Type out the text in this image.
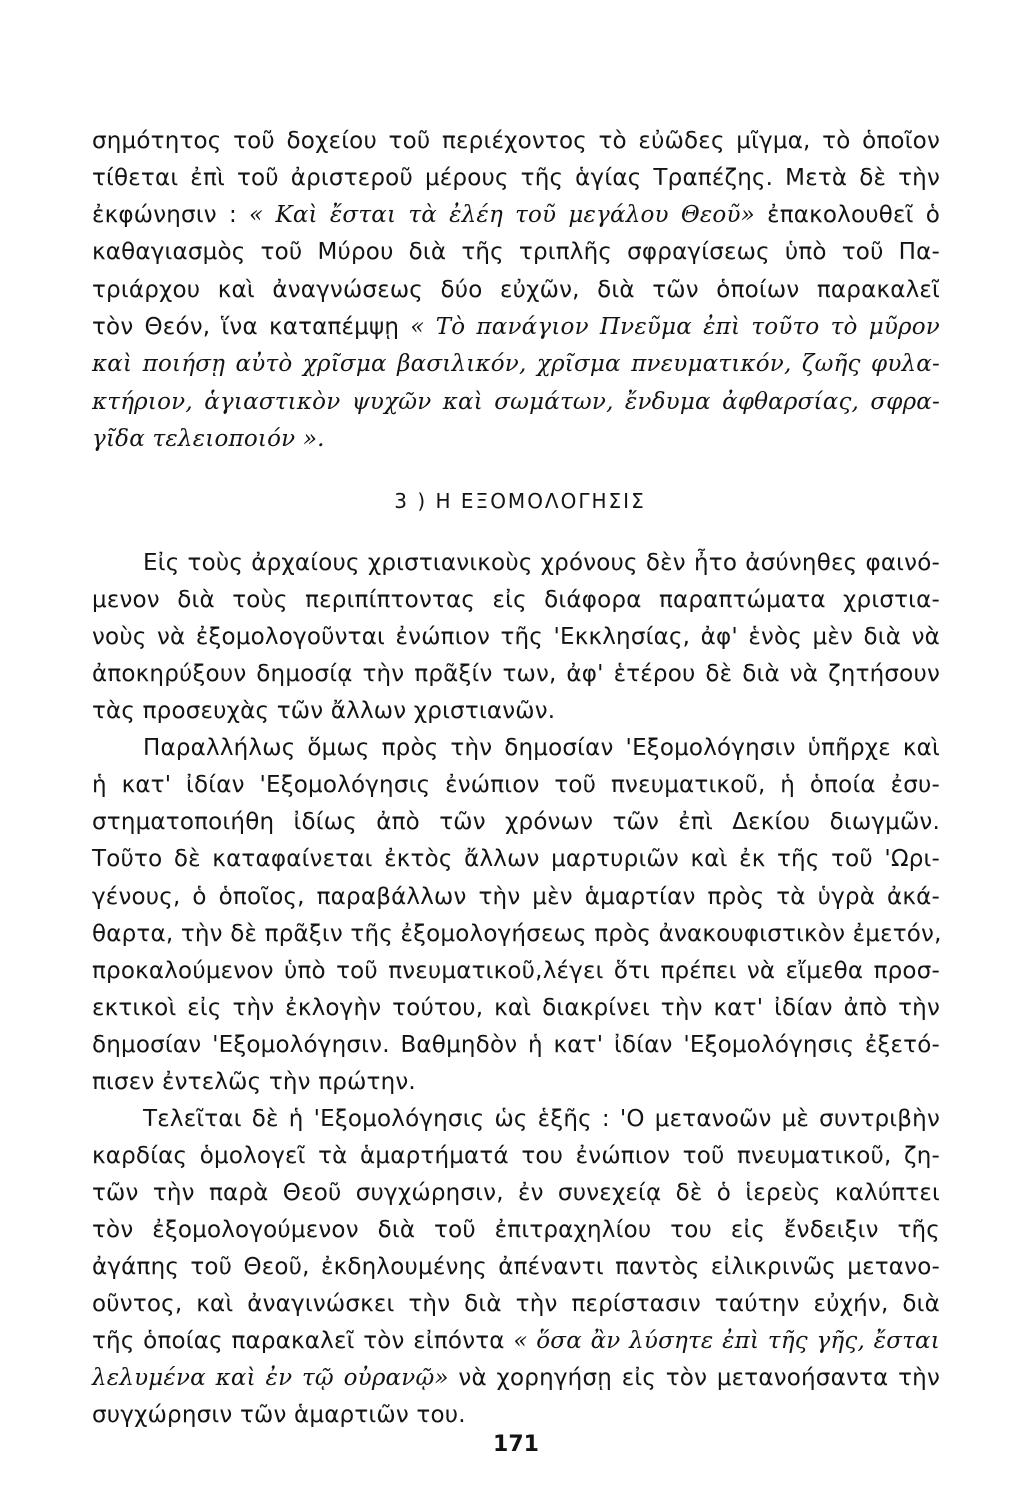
σημότητος τοῦ δοχείου τοῦ περιέχοντος τὸ εὐῶδες μῖγμα, τὸ ὁποῖον
τίθεται ἐπὶ τοῦ ἀριστεροῦ μέρους τῆς ἁγίας Τραπέζης. Μετὰ δὲ τὴν
ἐκφώνησιν : « Καὶ ἔσται τὰ ἐλέη τοῦ μεγάλου Θεοῦ» ἐπακολουθεῖ ὁ
καθαγιασμὸς τοῦ Μύρου διὰ τῆς τριπλῆς σφραγίσεως ὑπὸ τοῦ Πα-
τριάρχου καὶ ἀναγνώσεως δύο εὐχῶν, διὰ τῶν ὁποίων παρακαλεῖ
τὸν Θεόν, ἵνα καταπέμψῃ « Τὸ πανάγιον Πνεῦμα ἐπὶ τοῦτο τὸ μῦρον
καὶ ποιήσῃ αὐτὸ χρῖσμα βασιλικόν, χρῖσμα πνευματικόν, ζωῆς φυλα-
κτήριον, ἁγιαστικὸν ψυχῶν καὶ σωμάτων, ἔνδυμα ἀφθαρσίας, σφρα-
γῖδα τελειοποιόν ».
3 ) Η ΕΞΟΜΟΛΟΓΗΣΙΣ
Εἰς τοὺς ἀρχαίους χριστιανικοὺς χρόνους δὲν ἦτο ἀσύνηθες φαινό-
μενον διὰ τοὺς περιπίπτοντας εἰς διάφορα παραπτώματα χριστια-
νοὺς νὰ ἐξομολογοῦνται ἐνώπιον τῆς 'Εκκλησίας, ἀφ' ἑνὸς μὲν διὰ νὰ
ἀποκηρύξουν δημοσίᾳ τὴν πρᾶξίν των, ἀφ' ἑτέρου δὲ διὰ νὰ ζητήσουν
τὰς προσευχὰς τῶν ἄλλων χριστιανῶν.
Παραλλήλως ὅμως πρὸς τὴν δημοσίαν 'Εξομολόγησιν ὑπῆρχε καὶ
ἡ κατ' ἰδίαν 'Εξομολόγησις ἐνώπιον τοῦ πνευματικοῦ, ἡ ὁποία ἐσυ-
στηματοποιήθη ἰδίως ἀπὸ τῶν χρόνων τῶν ἐπὶ Δεκίου διωγμῶν.
Τοῦτο δὲ καταφαίνεται ἐκτὸς ἄλλων μαρτυριῶν καὶ ἐκ τῆς τοῦ 'Ωρι-
γένους, ὁ ὁποῖος, παραβάλλων τὴν μὲν ἁμαρτίαν πρὸς τὰ ὑγρὰ ἀκά-
θαρτα, τὴν δὲ πρᾶξιν τῆς ἐξομολογήσεως πρὸς ἀνακουφιστικὸν ἐμετόν,
προκαλούμενον ὑπὸ τοῦ πνευματικοῦ,λέγει ὅτι πρέπει νὰ εἴμεθα προσ-
εκτικοὶ εἰς τὴν ἐκλογὴν τούτου, καὶ διακρίνει τὴν κατ' ἰδίαν ἀπὸ τὴν
δημοσίαν 'Εξομολόγησιν. Βαθμηδὸν ἡ κατ' ἰδίαν 'Εξομολόγησις ἐξετό-
πισεν ἐντελῶς τὴν πρώτην.
Τελεῖται δὲ ἡ 'Εξομολόγησις ὡς ἑξῆς : 'Ο μετανοῶν μὲ συντριβὴν
καρδίας ὁμολογεῖ τὰ ἁμαρτήματά του ἐνώπιον τοῦ πνευματικοῦ, ζη-
τῶν τὴν παρὰ Θεοῦ συγχώρησιν, ἐν συνεχείᾳ δὲ ὁ ἱερεὺς καλύπτει
τὸν ἐξομολογούμενον διὰ τοῦ ἐπιτραχηλίου του εἰς ἔνδειξιν τῆς
ἀγάπης τοῦ Θεοῦ, ἐκδηλουμένης ἀπέναντι παντὸς εἰλικρινῶς μετανο-
οῦντος, καὶ ἀναγινώσκει τὴν διὰ τὴν περίστασιν ταύτην εὐχήν, διὰ
τῆς ὁποίας παρακαλεῖ τὸν εἰπόντα « ὅσα ἂν λύσητε ἐπὶ τῆς γῆς, ἔσται
λελυμένα καὶ ἐν τῷ οὐρανῷ» νὰ χορηγήσῃ εἰς τὸν μετανοήσαντα τὴν
συγχώρησιν τῶν ἁμαρτιῶν του.
171
